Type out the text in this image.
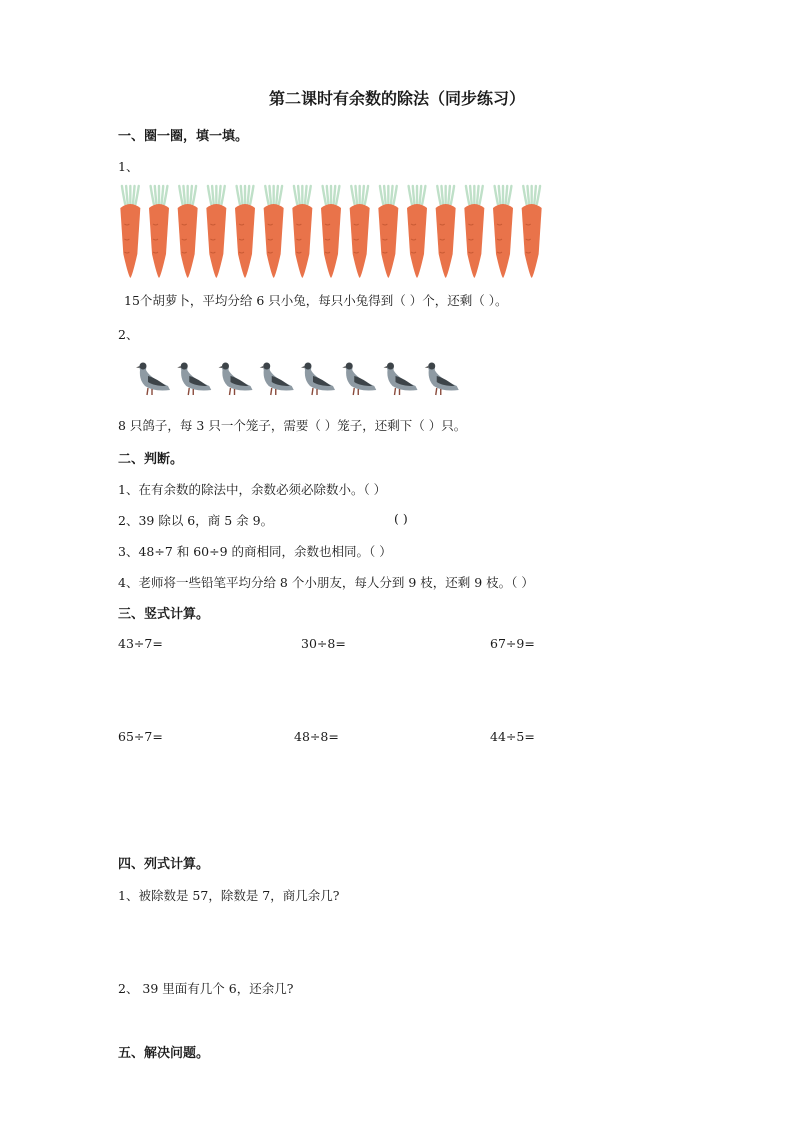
第二课时有余数的除法（同步练习）
一、圈一圈，填一填。
1、
15个胡萝卜，平均分给 6 只小兔，每只小兔得到（ ）个，还剩（ ）。
2、
8 只鸽子，每 3 只一个笼子，需要（ ）笼子，还剩下（ ）只。
二、判断。
1、在有余数的除法中，余数必须必除数小。（ ）
2、39 除以 6，商 5 余 9。	( )
3、48÷7 和 60÷9 的商相同，余数也相同。（ ）
4、老师将一些铅笔平均分给 8 个小朋友，每人分到 9 枝，还剩 9 枝。（ ）
三、竖式计算。
43÷7=	30÷8=	67÷9=
65÷7=	48÷8=	44÷5=
四、列式计算。
1、被除数是 57，除数是 7，商几余几?
2、 39 里面有几个 6，还余几?
五、解决问题。
